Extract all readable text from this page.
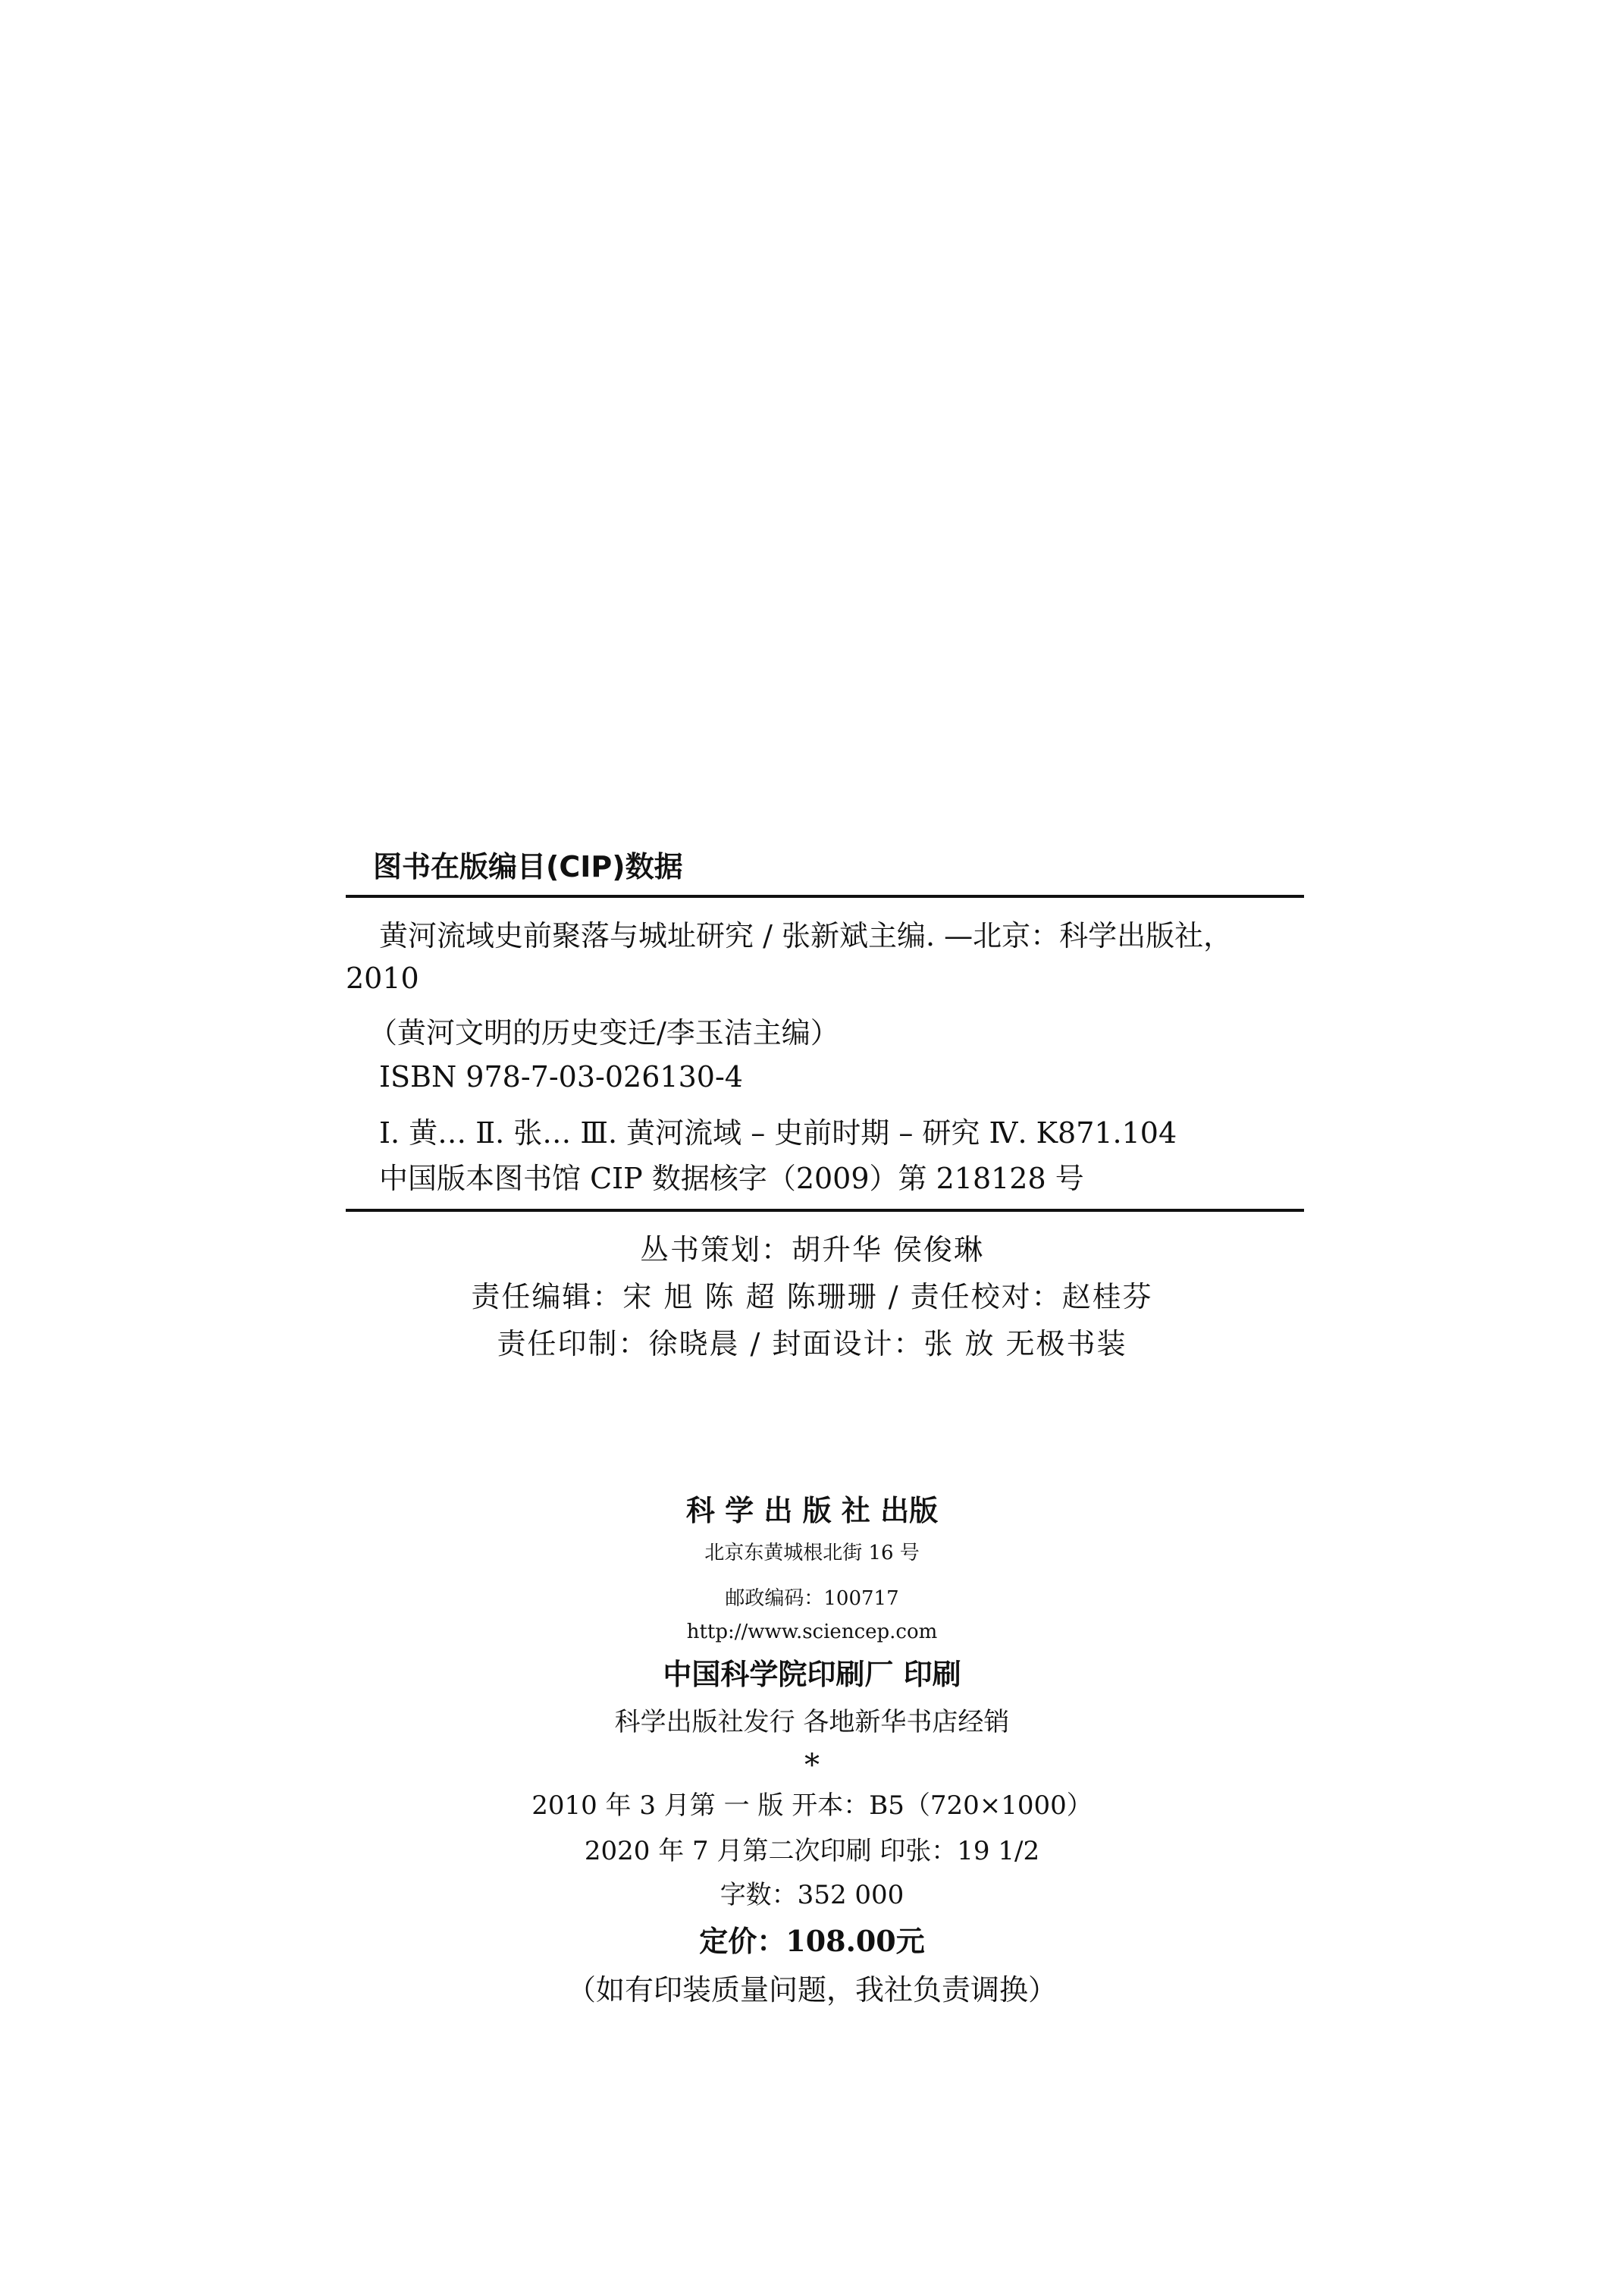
图书在版编目(CIP)数据
黄河流域史前聚落与城址研究 / 张新斌主编. —北京：科学出版社，
2010
（黄河文明的历史变迁/李玉洁主编）
ISBN 978-7-03-026130-4
Ⅰ. 黄… Ⅱ. 张… Ⅲ. 黄河流域 – 史前时期 – 研究 Ⅳ. K871.104
中国版本图书馆 CIP 数据核字（2009）第 218128 号
丛书策划：胡升华 侯俊琳
责任编辑：宋 旭 陈 超 陈珊珊 / 责任校对：赵桂芬
责任印制：徐晓晨 / 封面设计：张 放 无极书装
科 学 出 版 社 出版
北京东黄城根北街 16 号
邮政编码：100717
http://www.sciencep.com
中国科学院印刷厂 印刷
科学出版社发行 各地新华书店经销
*
2010 年 3 月第 一 版 开本：B5（720×1000）
2020 年 7 月第二次印刷 印张：19 1/2
字数：352 000
定价：108.00元
（如有印装质量问题，我社负责调换）
